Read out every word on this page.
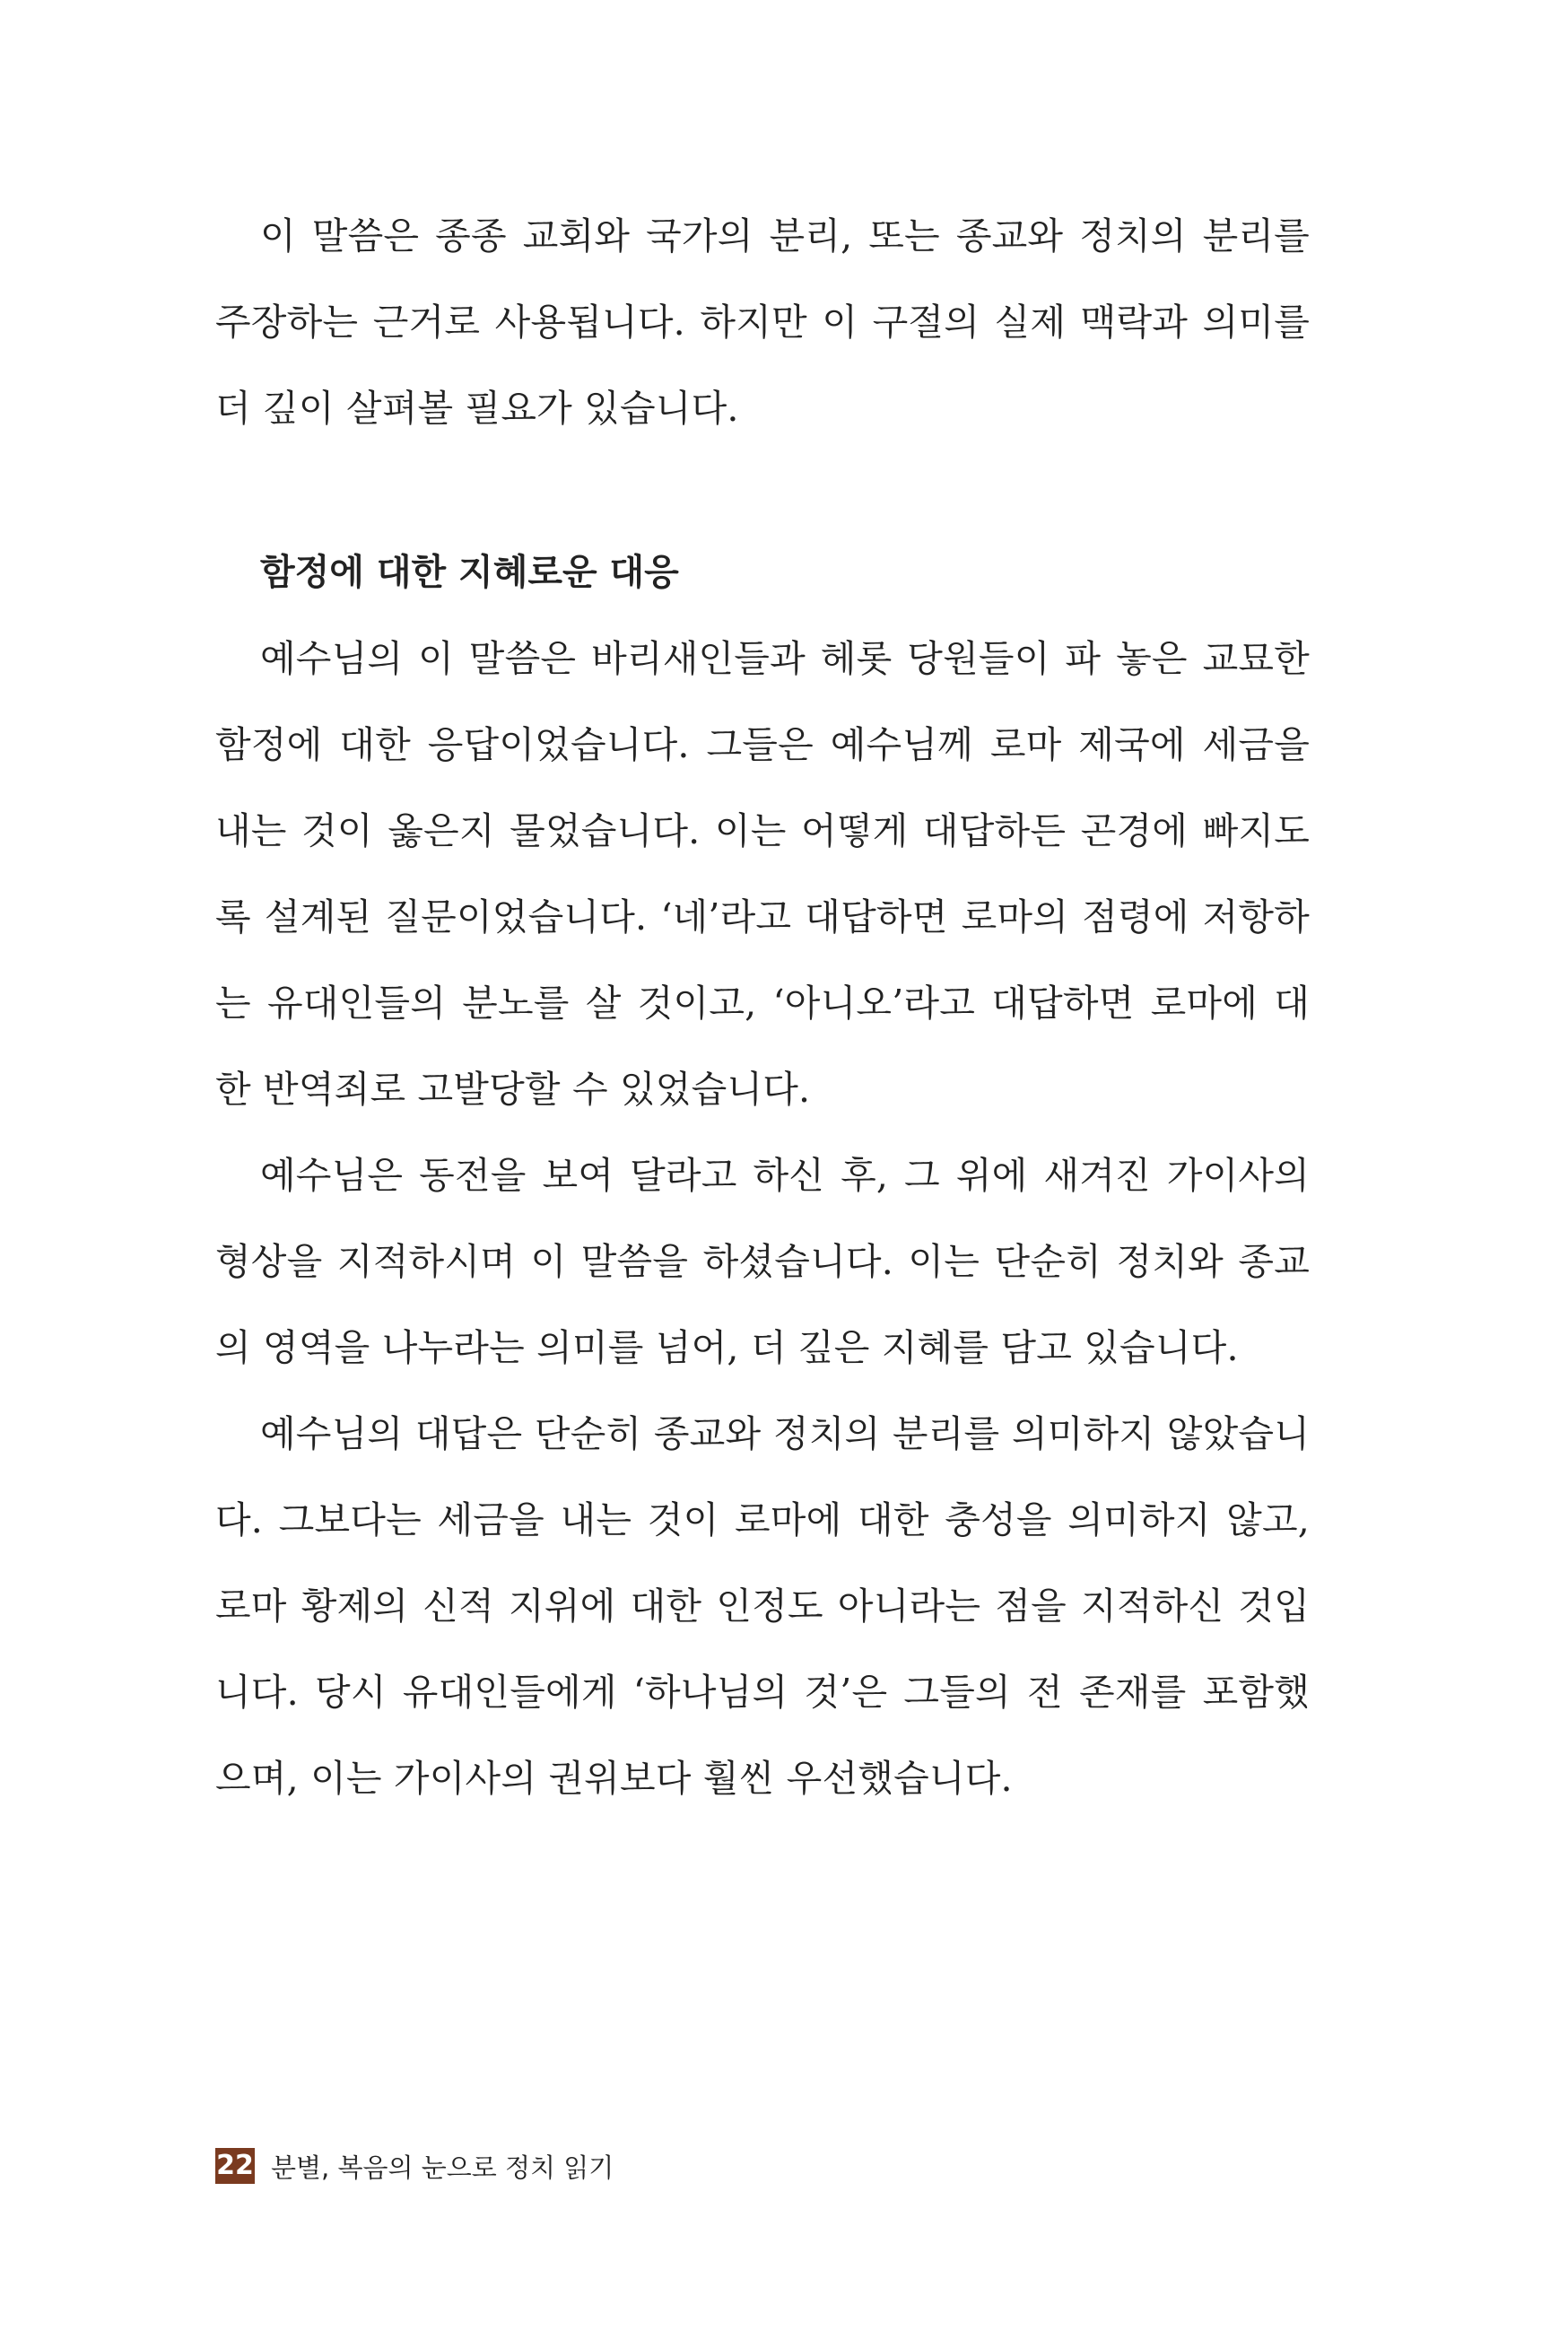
이 말씀은 종종 교회와 국가의 분리, 또는 종교와 정치의 분리를 주장하는 근거로 사용됩니다. 하지만 이 구절의 실제 맥락과 의미를 더 깊이 살펴볼 필요가 있습니다.

함정에 대한 지혜로운 대응

예수님의 이 말씀은 바리새인들과 헤롯 당원들이 파 놓은 교묘한 함정에 대한 응답이었습니다. 그들은 예수님께 로마 제국에 세금을 내는 것이 옳은지 물었습니다. 이는 어떻게 대답하든 곤경에 빠지도록 설계된 질문이었습니다. ‘네’라고 대답하면 로마의 점령에 저항하는 유대인들의 분노를 살 것이고, ‘아니오’라고 대답하면 로마에 대한 반역죄로 고발당할 수 있었습니다.

예수님은 동전을 보여 달라고 하신 후, 그 위에 새겨진 가이사의 형상을 지적하시며 이 말씀을 하셨습니다. 이는 단순히 정치와 종교의 영역을 나누라는 의미를 넘어, 더 깊은 지혜를 담고 있습니다.

예수님의 대답은 단순히 종교와 정치의 분리를 의미하지 않았습니다. 그보다는 세금을 내는 것이 로마에 대한 충성을 의미하지 않고, 로마 황제의 신적 지위에 대한 인정도 아니라는 점을 지적하신 것입니다. 당시 유대인들에게 ‘하나님의 것’은 그들의 전 존재를 포함했으며, 이는 가이사의 권위보다 훨씬 우선했습니다.

22 분별, 복음의 눈으로 정치 읽기
